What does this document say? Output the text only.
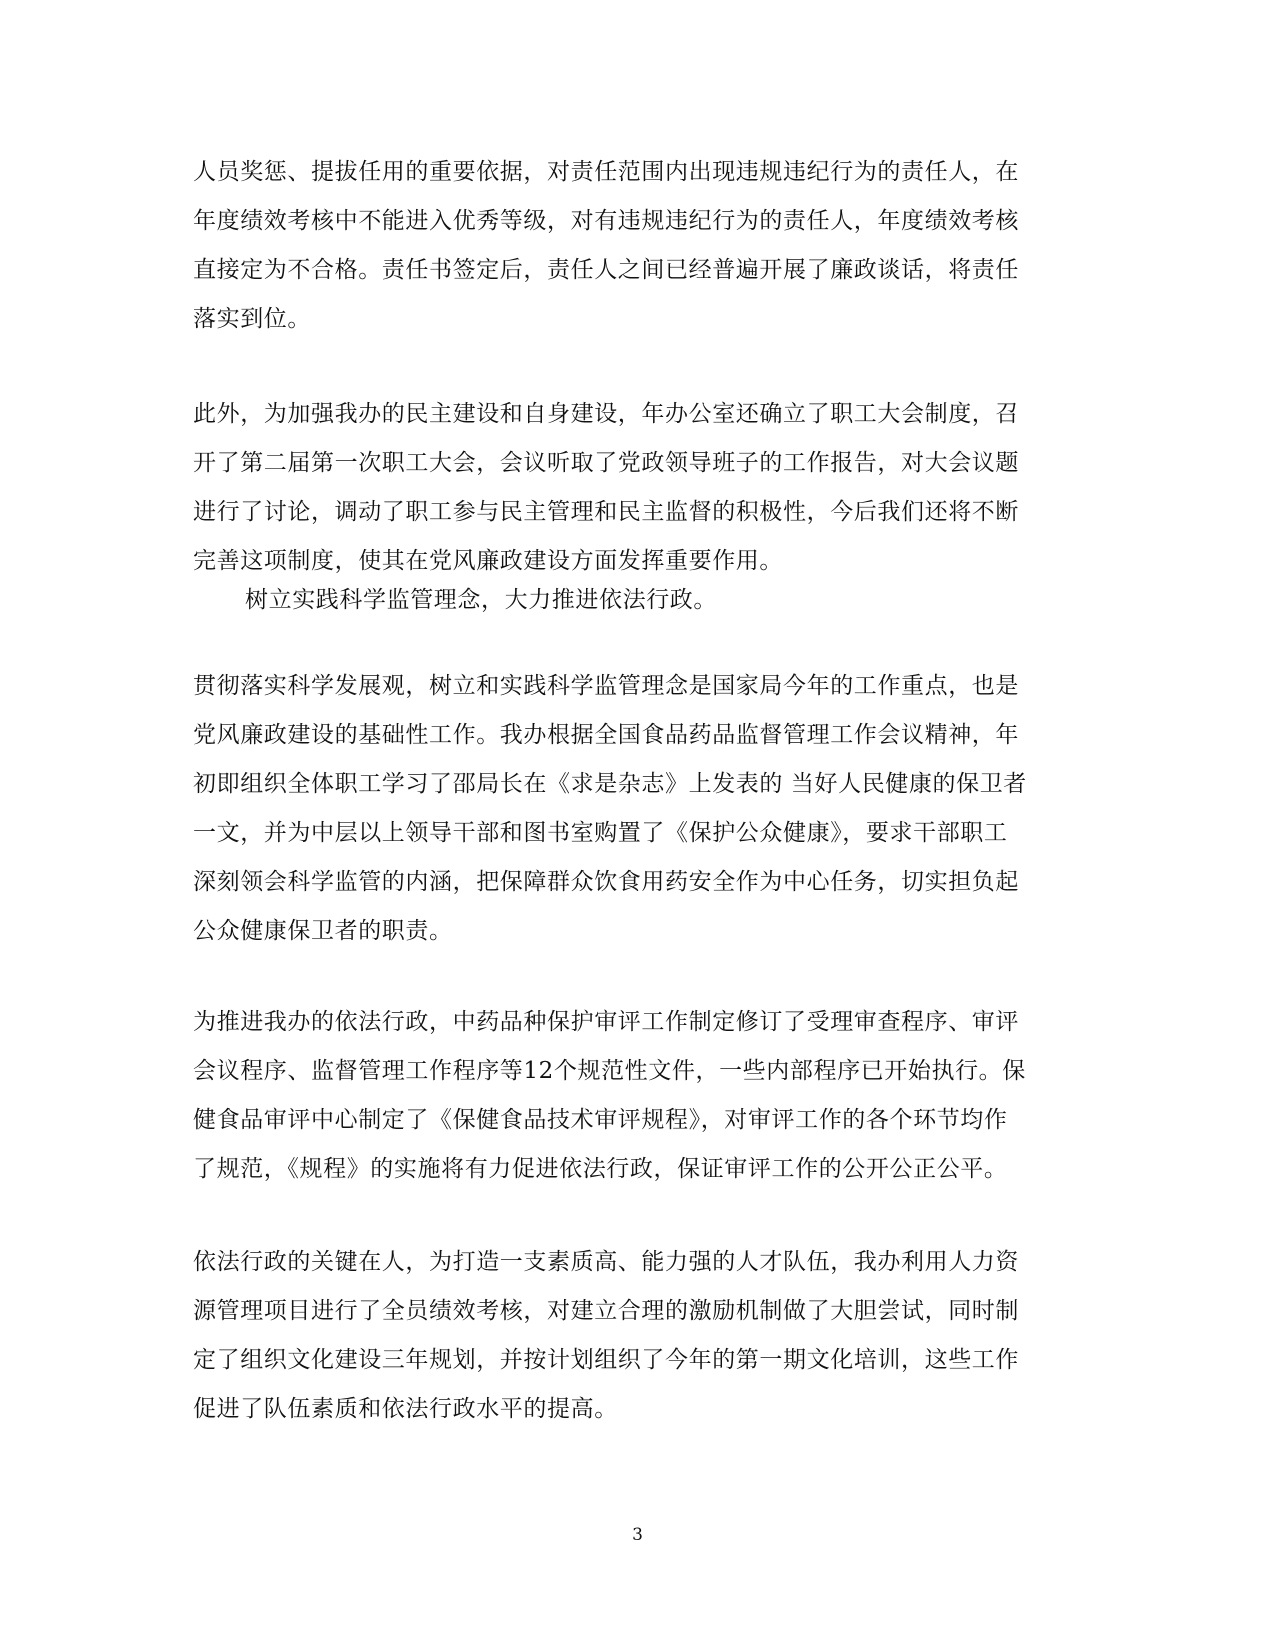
人员奖惩、提拔任用的重要依据，对责任范围内出现违规违纪行为的责任人，在
年度绩效考核中不能进入优秀等级，对有违规违纪行为的责任人，年度绩效考核
直接定为不合格。责任书签定后，责任人之间已经普遍开展了廉政谈话，将责任
落实到位。

此外，为加强我办的民主建设和自身建设，年办公室还确立了职工大会制度，召
开了第二届第一次职工大会，会议听取了党政领导班子的工作报告，对大会议题
进行了讨论，调动了职工参与民主管理和民主监督的积极性，今后我们还将不断
完善这项制度，使其在党风廉政建设方面发挥重要作用。

树立实践科学监管理念，大力推进依法行政。

贯彻落实科学发展观，树立和实践科学监管理念是国家局今年的工作重点，也是
党风廉政建设的基础性工作。我办根据全国食品药品监督管理工作会议精神，年
初即组织全体职工学习了邵局长在《求是杂志》上发表的 当好人民健康的保卫者
一文，并为中层以上领导干部和图书室购置了《保护公众健康》，要求干部职工
深刻领会科学监管的内涵，把保障群众饮食用药安全作为中心任务，切实担负起
公众健康保卫者的职责。

为推进我办的依法行政，中药品种保护审评工作制定修订了受理审查程序、审评
会议程序、监督管理工作程序等12个规范性文件，一些内部程序已开始执行。保
健食品审评中心制定了《保健食品技术审评规程》，对审评工作的各个环节均作
了规范，《规程》的实施将有力促进依法行政，保证审评工作的公开公正公平。

依法行政的关键在人，为打造一支素质高、能力强的人才队伍，我办利用人力资
源管理项目进行了全员绩效考核，对建立合理的激励机制做了大胆尝试，同时制
定了组织文化建设三年规划，并按计划组织了今年的第一期文化培训，这些工作
促进了队伍素质和依法行政水平的提高。

3
